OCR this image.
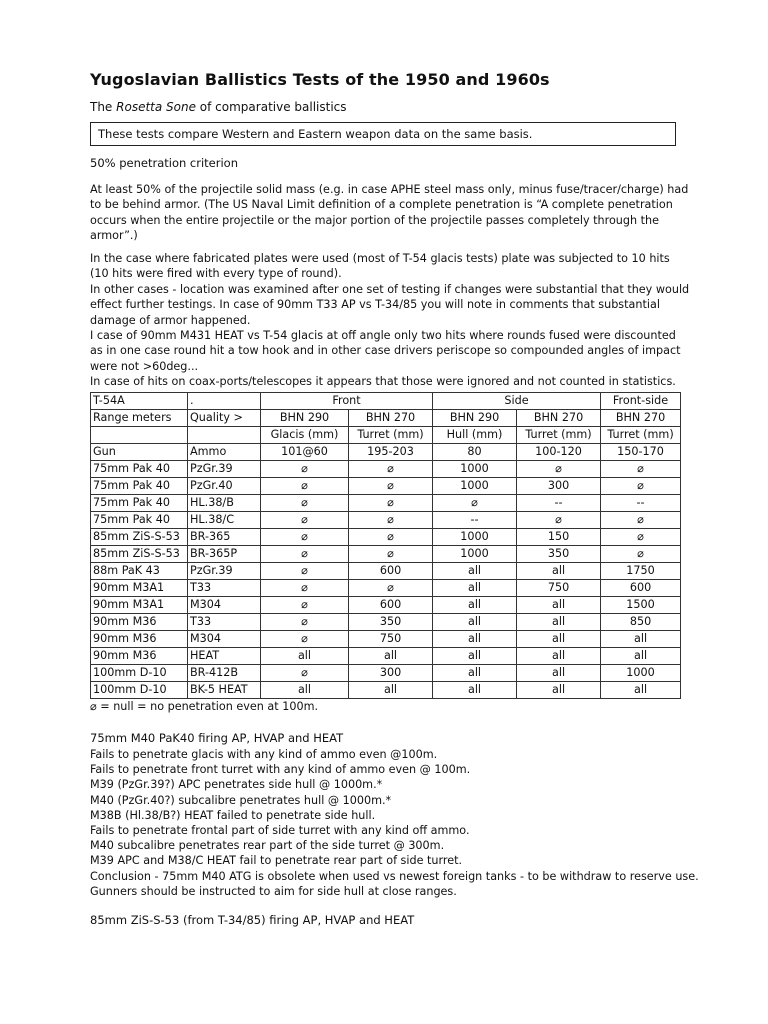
Yugoslavian Ballistics Tests of the 1950 and 1960s
The Rosetta Sone of comparative ballistics
These tests compare Western and Eastern weapon data on the same basis.
50% penetration criterion
At least 50% of the projectile solid mass (e.g. in case APHE steel mass only, minus fuse/tracer/charge) had to be behind armor. (The US Naval Limit definition of a complete penetration is “A complete penetration occurs when the entire projectile or the major portion of the projectile passes completely through the armor”.)
In the case where fabricated plates were used (most of T-54 glacis tests) plate was subjected to 10 hits (10 hits were fired with every type of round).
In other cases - location was examined after one set of testing if changes were substantial that they would effect further testings. In case of 90mm T33 AP vs T-34/85 you will note in comments that substantial damage of armor happened.
I case of 90mm M431 HEAT vs T-54 glacis at off angle only two hits where rounds fused were discounted as in one case round hit a tow hook and in other case drivers periscope so compounded angles of impact were not >60deg...
In case of hits on coax-ports/telescopes it appears that those were ignored and not counted in statistics.
T-54A	.	Front		Side		Front-side
Range meters	Quality >	BHN 290	BHN 270	BHN 290	BHN 270	BHN 270
		Glacis (mm)	Turret (mm)	Hull (mm)	Turret (mm)	Turret (mm)
Gun	Ammo	101@60	195-203	80	100-120	150-170
75mm Pak 40	PzGr.39	⌀	⌀	1000	⌀	⌀
75mm Pak 40	PzGr.40	⌀	⌀	1000	300	⌀
75mm Pak 40	HL.38/B	⌀	⌀	⌀	--	--
75mm Pak 40	HL.38/C	⌀	⌀	--	⌀	⌀
85mm ZiS-S-53	BR-365	⌀	⌀	1000	150	⌀
85mm ZiS-S-53	BR-365P	⌀	⌀	1000	350	⌀
88m PaK 43	PzGr.39	⌀	600	all	all	1750
90mm M3A1	T33	⌀	⌀	all	750	600
90mm M3A1	M304	⌀	600	all	all	1500
90mm M36	T33	⌀	350	all	all	850
90mm M36	M304	⌀	750	all	all	all
90mm M36	HEAT	all	all	all	all	all
100mm D-10	BR-412B	⌀	300	all	all	1000
100mm D-10	BK-5 HEAT	all	all	all	all	all
⌀ = null = no penetration even at 100m.
75mm M40 PaK40 firing AP, HVAP and HEAT
Fails to penetrate glacis with any kind of ammo even @100m.
Fails to penetrate front turret with any kind of ammo even @ 100m.
M39 (PzGr.39?) APC penetrates side hull @ 1000m.*
M40 (PzGr.40?) subcalibre penetrates hull @ 1000m.*
M38B (Hl.38/B?) HEAT failed to penetrate side hull.
Fails to penetrate frontal part of side turret with any kind off ammo.
M40 subcalibre penetrates rear part of the side turret @ 300m.
M39 APC and M38/C HEAT fail to penetrate rear part of side turret.
Conclusion - 75mm M40 ATG is obsolete when used vs newest foreign tanks - to be withdraw to reserve use.
Gunners should be instructed to aim for side hull at close ranges.
85mm ZiS-S-53 (from T-34/85) firing AP, HVAP and HEAT
